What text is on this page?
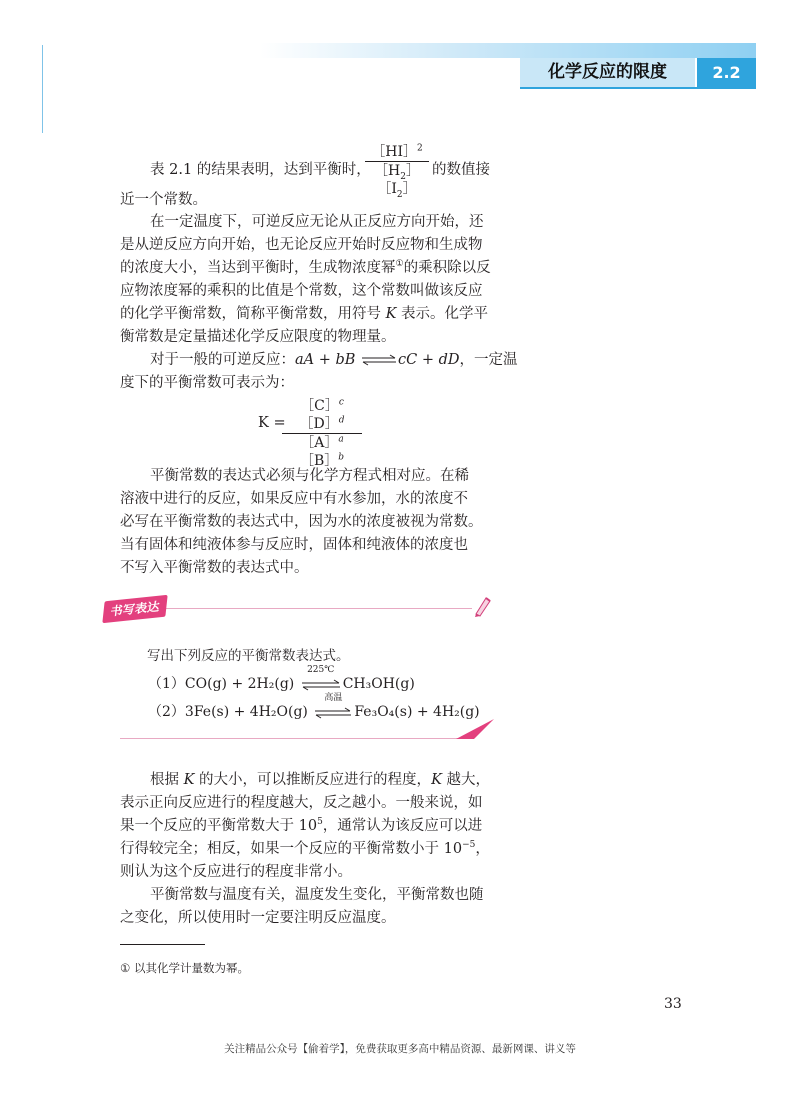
化学反应的限度	2.2
表 2.1 的结果表明，达到平衡时，
［HI］$^2$
$[H_2][I_2]$
的数值接
近一个常数。
在一定温度下，可逆反应无论从正反应方向开始，还
是从逆反应方向开始，也无论反应开始时反应物和生成物
的浓度大小，当达到平衡时，生成物浓度幂①的乘积除以反
应物浓度幂的乘积的比值是个常数，这个常数叫做该反应
的化学平衡常数，简称平衡常数，用符号 K 表示。化学平
衡常数是定量描述化学反应限度的物理量。
对于一般的可逆反应：aA + bB ⇌cC + dD，一定温
度下的平衡常数可表示为：
K =
［C］$^c$［D］$^d$
［A］$^a$［B］$^b$
平衡常数的表达式必须与化学方程式相对应。在稀
溶液中进行的反应，如果反应中有水参加，水的浓度不
必写在平衡常数的表达式中，因为水的浓度被视为常数。
当有固体和纯液体参与反应时，固体和纯液体的浓度也
不写入平衡常数的表达式中。
书写表达
写出下列反应的平衡常数表达式。
（1）CO(g) + 2H₂(g)
225℃
CH₃OH(g)
（2）3Fe(s) + 4H₂O(g)
高温
Fe₃O₄(s) + 4H₂(g)
根据 K 的大小，可以推断反应进行的程度，K 越大，
表示正向反应进行的程度越大，反之越小。一般来说，如
果一个反应的平衡常数大于 $10^5$，通常认为该反应可以进
行得较完全；相反，如果一个反应的平衡常数小于 $10^{-5}$，
则认为这个反应进行的程度非常小。
平衡常数与温度有关，温度发生变化，平衡常数也随
之变化，所以使用时一定要注明反应温度。
① 以其化学计量数为幂。
33
关注精品公众号【偷着学】，免费获取更多高中精品资源、最新网课、讲义等
